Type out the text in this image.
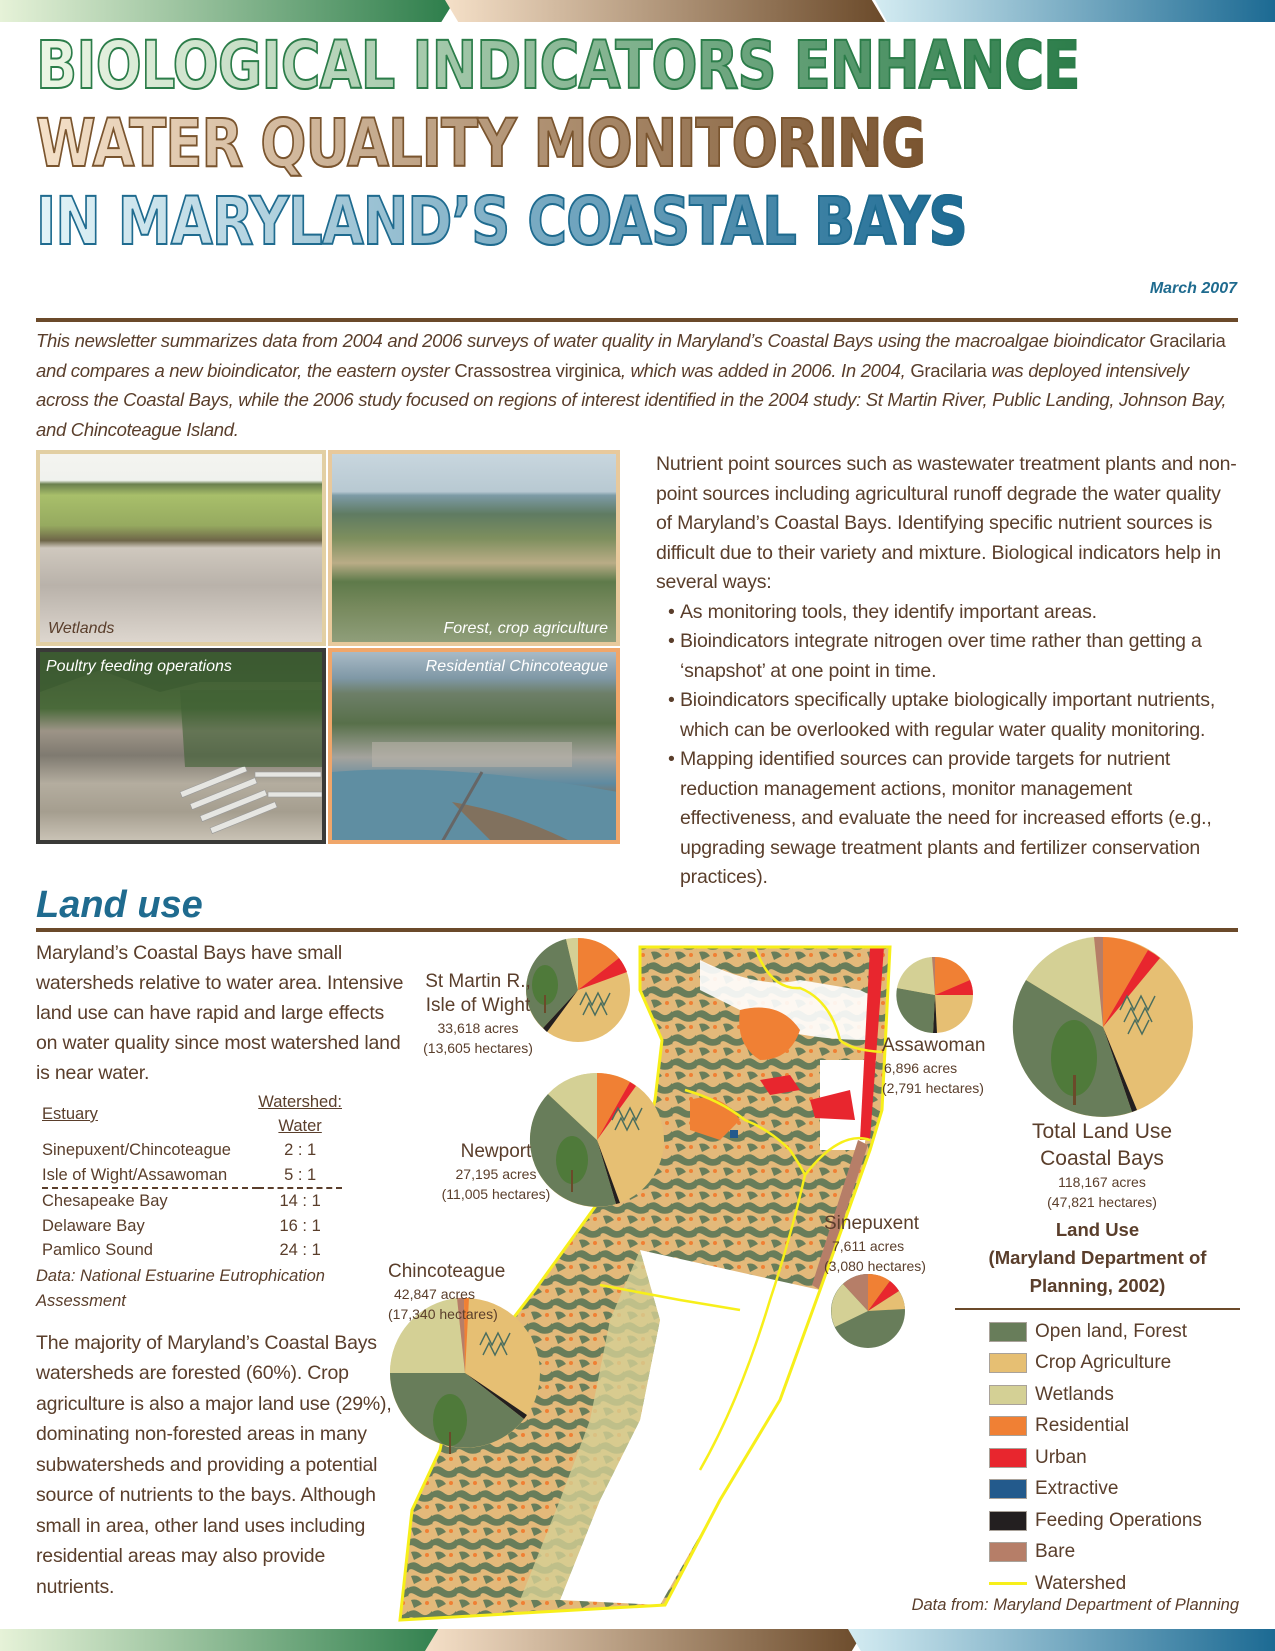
BIOLOGICAL INDICATORS ENHANCE
WATER QUALITY MONITORING
IN MARYLAND’S COASTAL BAYS
March 2007
This newsletter summarizes data from 2004 and 2006 surveys of water quality in Maryland’s Coastal Bays using the macroalgae bioindicator Gracilaria and compares a new bioindicator, the eastern oyster Crassostrea virginica, which was added in 2006. In 2004, Gracilaria was deployed intensively across the Coastal Bays, while the 2006 study focused on regions of interest identified in the 2004 study: St Martin River, Public Landing, Johnson Bay, and Chincoteague Island.
Wetlands	Forest, crop agriculture
Poultry feeding operations	Residential Chincoteague

Nutrient point sources such as wastewater treatment plants and non-point sources including agricultural runoff degrade the water quality of Maryland’s Coastal Bays. Identifying specific nutrient sources is difficult due to their variety and mixture. Biological indicators help in several ways:

• As monitoring tools, they identify important areas.
• Bioindicators integrate nitrogen over time rather than getting a ‘snapshot’ at one point in time.
• Bioindicators specifically uptake biologically important nutrients, which can be overlooked with regular water quality monitoring.
• Mapping identified sources can provide targets for nutrient reduction management actions, monitor management effectiveness, and evaluate the need for increased efforts (e.g., upgrading sewage treatment plants and fertilizer conservation practices).
Land use

Maryland’s Coastal Bays have small watersheds relative to water area. Intensive land use can have rapid and large effects on water quality since most watershed land is near water.

Estuary	Watershed: Water
Sinepuxent/Chincoteague	2 : 1
Isle of Wight/Assawoman	5 : 1
Chesapeake Bay	14 : 1
Delaware Bay	16 : 1
Pamlico Sound	24 : 1

Data: National Estuarine Eutrophication Assessment

The majority of Maryland’s Coastal Bays watersheds are forested (60%). Crop agriculture is also a major land use (29%), dominating non-forested areas in many subwatersheds and providing a potential source of nutrients to the bays. Although small in area, other land uses including residential areas may also provide nutrients.

St Martin R.,
Isle of Wight
33,618 acres
(13,605 hectares)
Newport
27,195 acres
(11,005 hectares)
Chincoteague
42,847 acres
(17,340 hectares)
Assawoman
6,896 acres
(2,791 hectares)
Sinepuxent
7,611 acres
(3,080 hectares)
Total Land Use
Coastal Bays
118,167 acres
(47,821 hectares)
Land Use
(Maryland Department of
Planning, 2002)
Open land, Forest
Crop Agriculture
Wetlands
Residential
Urban
Extractive
Feeding Operations
Bare
Watershed
Data from: Maryland Department of Planning
